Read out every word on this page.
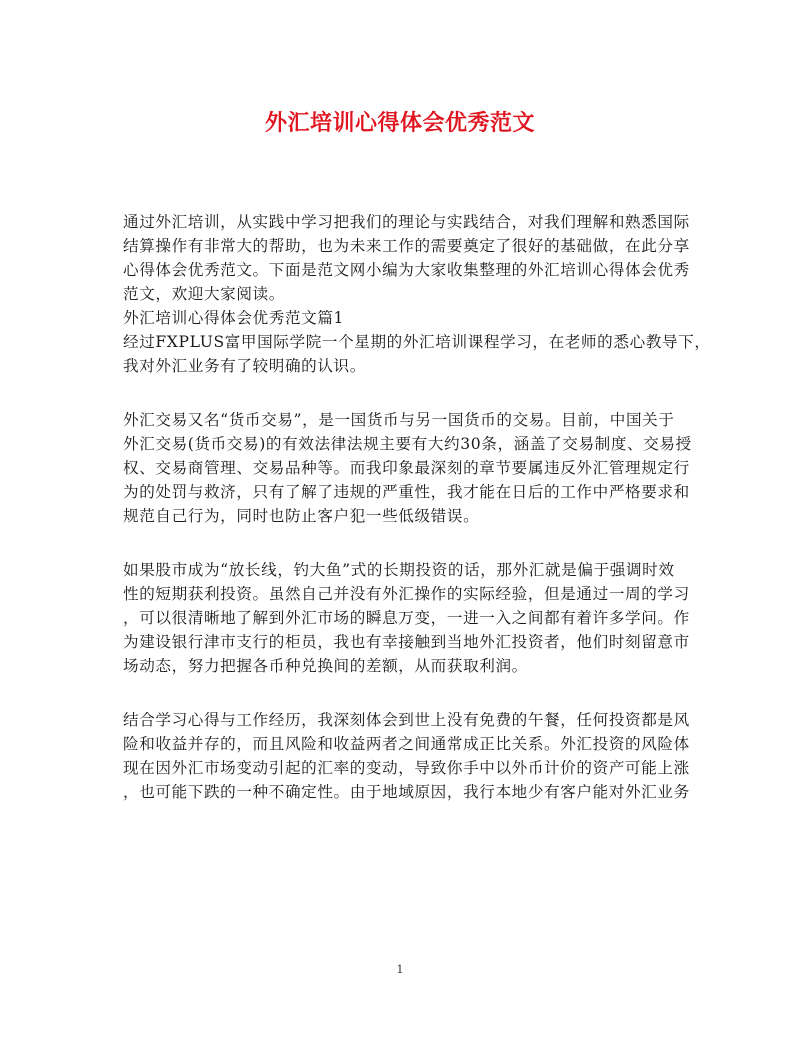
外汇培训心得体会优秀范文
通过外汇培训，从实践中学习把我们的理论与实践结合，对我们理解和熟悉国际
结算操作有非常大的帮助，也为未来工作的需要奠定了很好的基础做，在此分享
心得体会优秀范文。下面是范文网小编为大家收集整理的外汇培训心得体会优秀
范文，欢迎大家阅读。
外汇培训心得体会优秀范文篇1
经过FXPLUS富甲国际学院一个星期的外汇培训课程学习，在老师的悉心教导下，
我对外汇业务有了较明确的认识。
外汇交易又名“货币交易”，是一国货币与另一国货币的交易。目前，中国关于
外汇交易(货币交易)的有效法律法规主要有大约30条，涵盖了交易制度、交易授
权、交易商管理、交易品种等。而我印象最深刻的章节要属违反外汇管理规定行
为的处罚与救济，只有了解了违规的严重性，我才能在日后的工作中严格要求和
规范自己行为，同时也防止客户犯一些低级错误。
如果股市成为“放长线，钓大鱼”式的长期投资的话，那外汇就是偏于强调时效
性的短期获利投资。虽然自己并没有外汇操作的实际经验，但是通过一周的学习
，可以很清晰地了解到外汇市场的瞬息万变，一进一入之间都有着许多学问。作
为建设银行津市支行的柜员，我也有幸接触到当地外汇投资者，他们时刻留意市
场动态，努力把握各币种兑换间的差额，从而获取利润。
结合学习心得与工作经历，我深刻体会到世上没有免费的午餐，任何投资都是风
险和收益并存的，而且风险和收益两者之间通常成正比关系。外汇投资的风险体
现在因外汇市场变动引起的汇率的变动，导致你手中以外币计价的资产可能上涨
，也可能下跌的一种不确定性。由于地域原因，我行本地少有客户能对外汇业务
1
